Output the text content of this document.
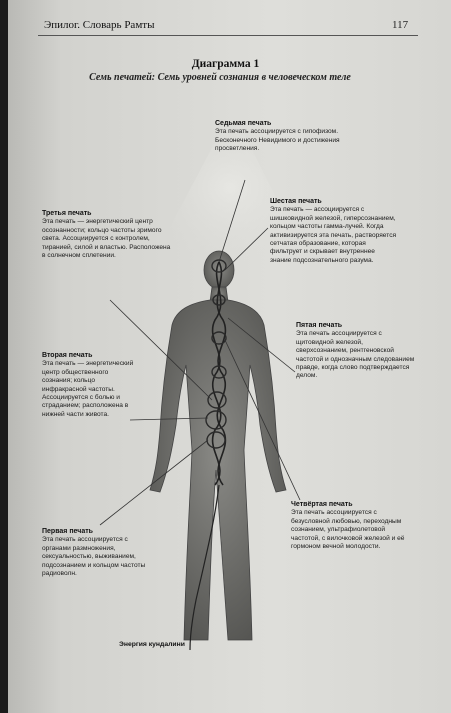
Эпилог. Словарь Рамты	117
Диаграмма 1
Семь печатей: Семь уровней сознания в человеческом теле
Седьмая печать
Эта печать ассоциируется с гипофизом. Бесконечного Невидимого и достижения просветления.
Шестая печать
Эта печать — ассоциируется с шишковидной железой, гиперсознанием, кольцом частоты гамма-лучей. Когда активизируется эта печать, растворяется сетчатая образование, которая фильтрует и скрывает внутреннее знание подсознательного разума.
Пятая печать
Эта печать ассоциируется с щитовидной железой, сверхсознанием, рентгеновской частотой и однозначным следованием правде, когда слово подтверждается делом.
Четвёртая печать
Эта печать ассоциируется с безусловной любовью, переходным сознанием, ультрафиолетовой частотой, с вилочковой железой и её гормоном вечной молодости.
Третья печать
Эта печать — энергетический центр осознанности; кольцо частоты зримого света. Ассоциируется с контролем, тиранией, силой и властью. Расположена в солнечном сплетении.
Вторая печать
Эта печать — энергетический центр общественного сознания; кольцо инфракрасной частоты. Ассоциируется с болью и страданием; расположена в нижней части живота.
Первая печать
Эта печать ассоциируется с органами размножения, сексуальностью, выживанием, подсознанием и кольцом частоты радиоволн.
Энергия кундалини
